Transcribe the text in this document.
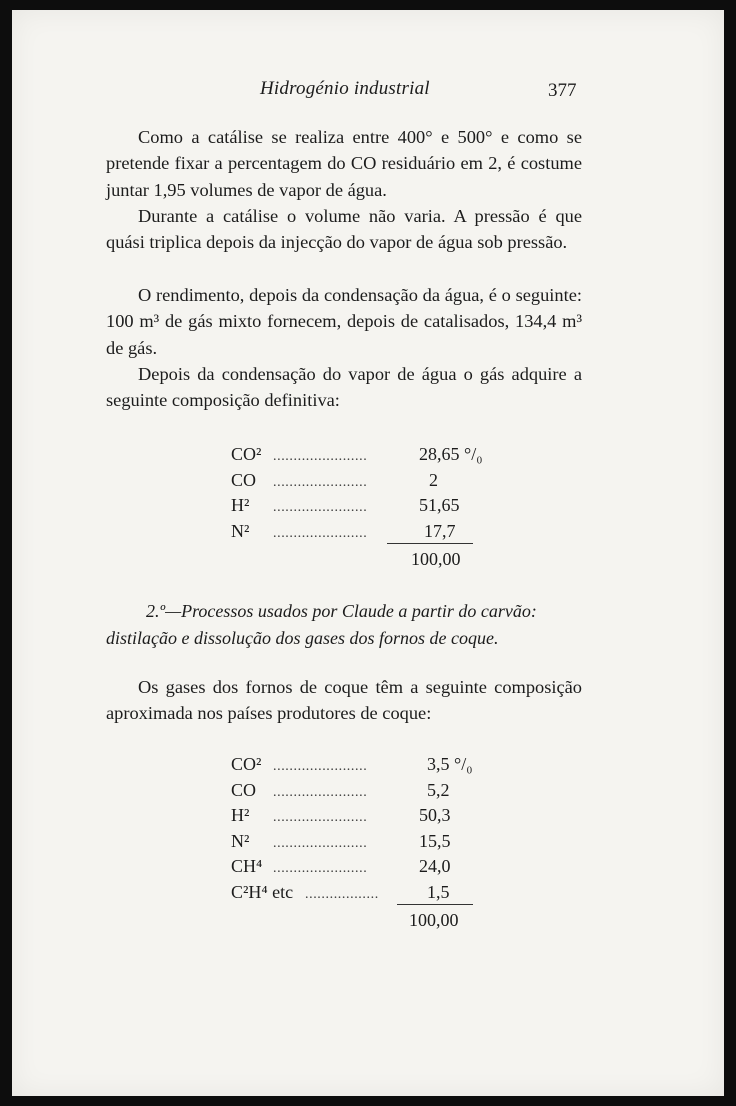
Hidrogénio industrial	377

Como a catálise se realiza entre 400° e 500° e como se pretende fixar a percentagem do CO residuário em 2, é costume juntar 1,95 volumes de vapor de água.

Durante a catálise o volume não varia. A pressão é que quási triplica depois da injecção do vapor de água sob pressão.

O rendimento, depois da condensação da água, é o seguinte: 100 m³ de gás mixto fornecem, depois de catalisados, 134,4 m³ de gás.

Depois da condensação do vapor de água o gás adquire a seguinte composição definitiva:

CO² .......................	28,65 °/₀
CO .......................	2
H² .......................	51,65
N² .......................	17,7
100,00
2.º—Processos usados por Claude a partir do carvão:
distilação e dissolução dos gases dos fornos de coque.

Os gases dos fornos de coque têm a seguinte composição aproximada nos países produtores de coque:

CO² .......................	3,5 °/₀
CO .......................	5,2
H² .......................	50,3
N² .......................	15,5
CH⁴ .......................	24,0
C²H⁴ etc ..................	1,5
100,00
